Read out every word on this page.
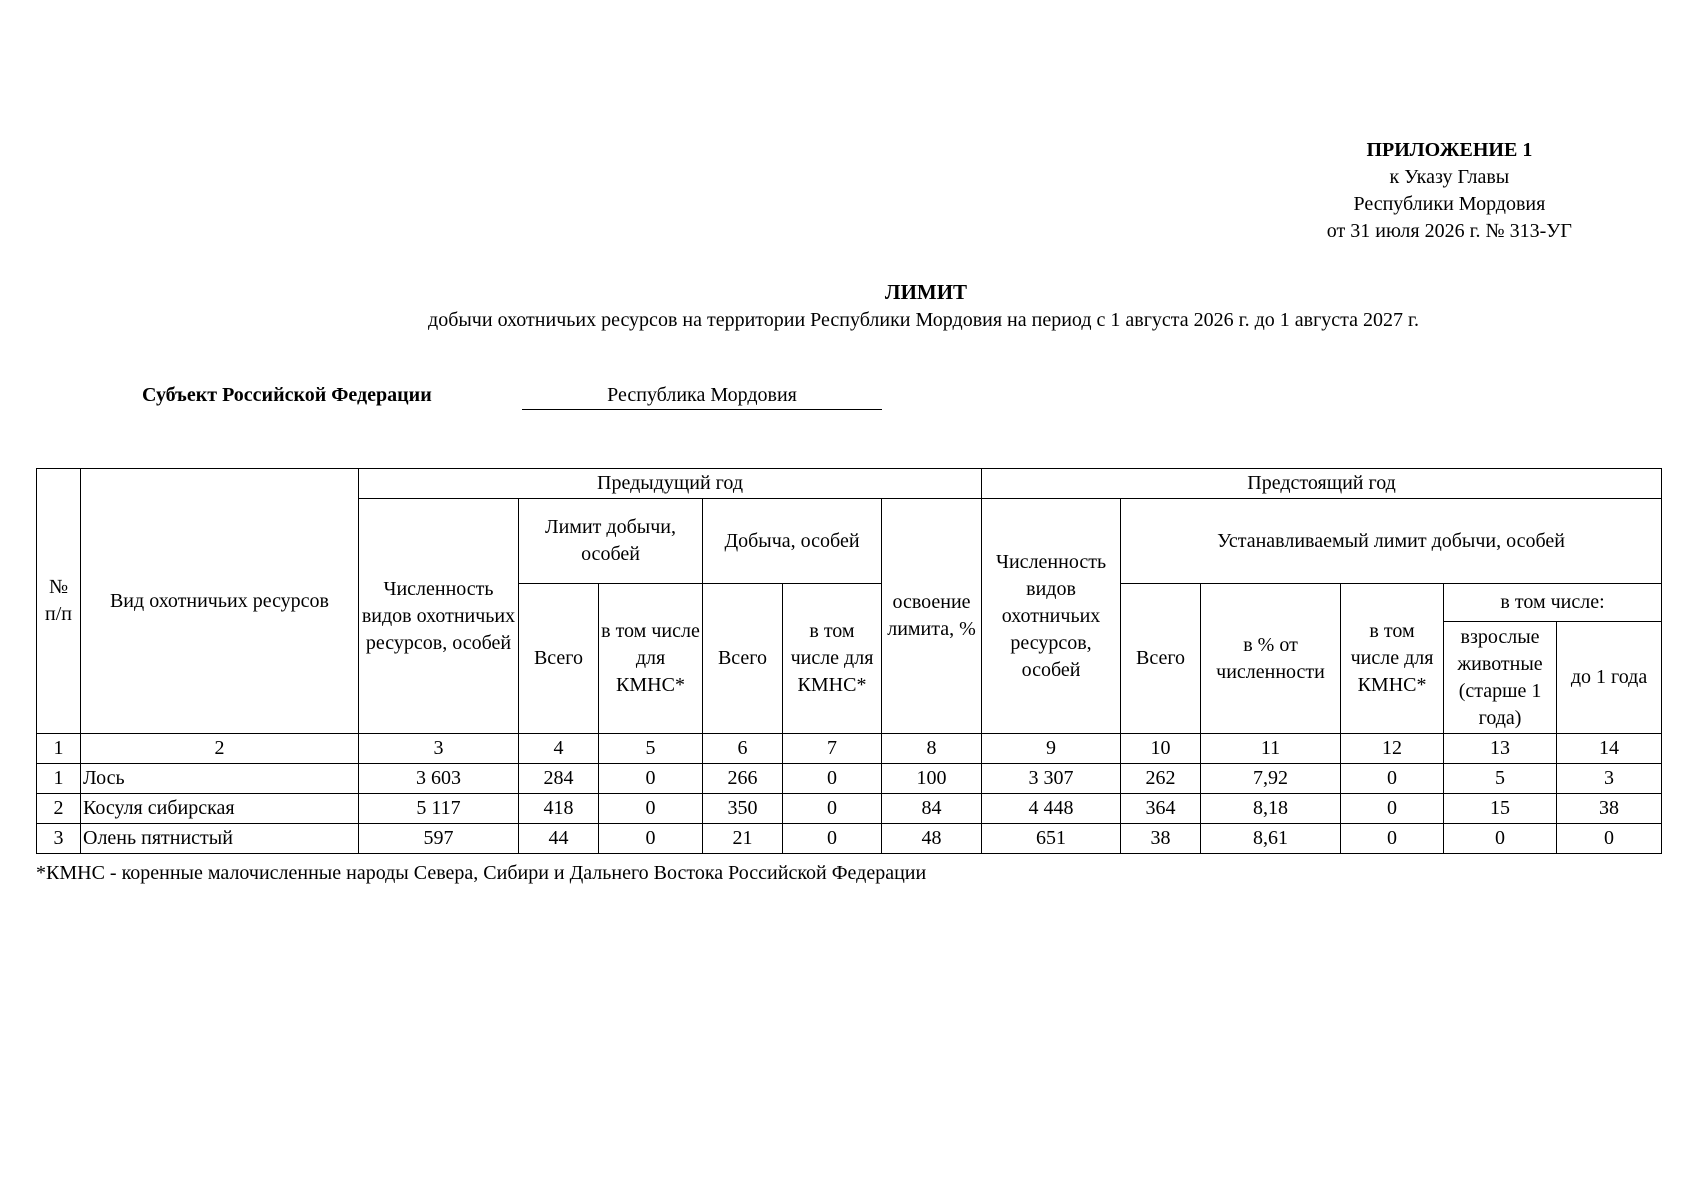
ПРИЛОЖЕНИЕ 1
к Указу Главы
Республики Мордовия
от 31 июля 2026 г. № 313-УГ
ЛИМИТ
добычи охотничьих ресурсов на территории Республики Мордовия на период с 1 августа 2026 г. до 1 августа 2027 г.
Субъект Российской Федерации	Республика Мордовия
№ п/п	Вид охотничьих ресурсов	Предыдущий год						Предстоящий год					
		Численность видов охотничьих ресурсов, особей	Лимит добычи, особей		Добыча, особей		освоение лимита, %	Численность видов охотничьих ресурсов, особей	Устанавливаемый лимит добычи, особей				
			Всего	в том числе для КМНС*	Всего	в том числе для КМНС*			Всего	в % от численности	в том числе для КМНС*	в том числе:	
												взрослые животные (старше 1 года)	до 1 года
1	2	3	4	5	6	7	8	9	10	11	12	13	14
1	Лось	3 603	284	0	266	0	100	3 307	262	7,92	0	5	3
2	Косуля сибирская	5 117	418	0	350	0	84	4 448	364	8,18	0	15	38
3	Олень пятнистый	597	44	0	21	0	48	651	38	8,61	0	0	0
*КМНС - коренные малочисленные народы Севера, Сибири и Дальнего Востока Российской Федерации
